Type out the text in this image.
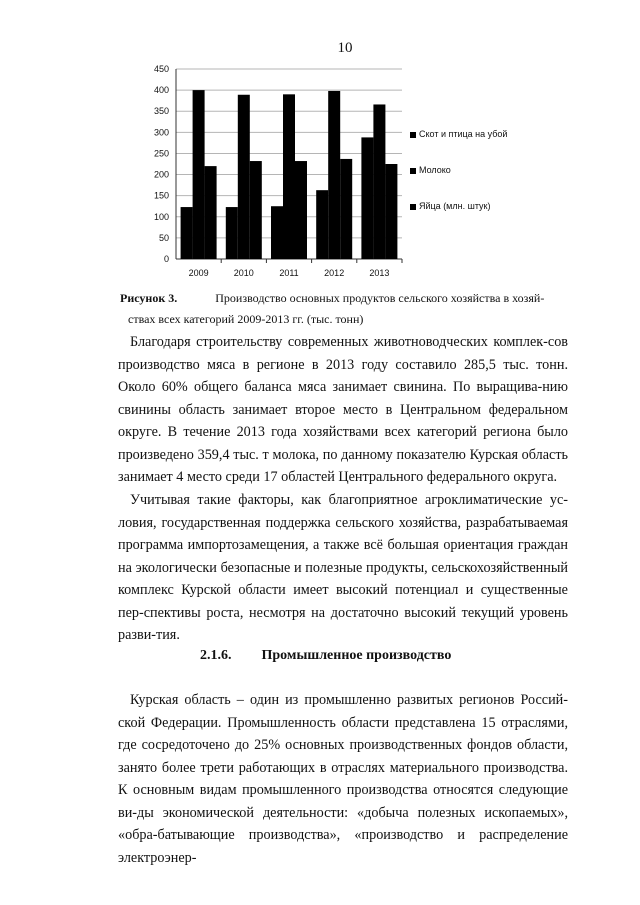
10
0
50
100
150
200
250
300
350
400
450
2009	2010	2011	2012	2013
Скот и птица на убой
Молоко
Яйца (млн. штук)
Рисунок 3.	Производство основных продуктов сельского хозяйства в хозяй-
ствах всех категорий 2009-2013 гг. (тыс. тонн)
Благодаря строительству современных животноводческих комплек-сов производство мяса в регионе в 2013 году составило 285,5 тыс. тонн. Около 60% общего баланса мяса занимает свинина. По выращива-нию свинины область занимает второе место в Центральном федеральном округе. В течение 2013 года хозяйствами всех категорий региона было произведено 359,4 тыс. т молока, по данному показателю Курская область занимает 4 место среди 17 областей Центрального федерального округа.
Учитывая такие факторы, как благоприятное агроклиматические ус-ловия, государственная поддержка сельского хозяйства, разрабатываемая программа импортозамещения, а также всё большая ориентация граждан на экологически безопасные и полезные продукты, сельскохозяйственный комплекс Курской области имеет высокий потенциал и существенные пер-спективы роста, несмотря на достаточно высокий текущий уровень разви-тия.
2.1.6. Промышленное производство
Курская область – один из промышленно развитых регионов Россий-ской Федерации. Промышленность области представлена 15 отраслями, где сосредоточено до 25% основных производственных фондов области, занято более трети работающих в отраслях материального производства. К основным видам промышленного производства относятся следующие ви-ды экономической деятельности: «добыча полезных ископаемых», «обра-батывающие производства», «производство и распределение электроэнер-
